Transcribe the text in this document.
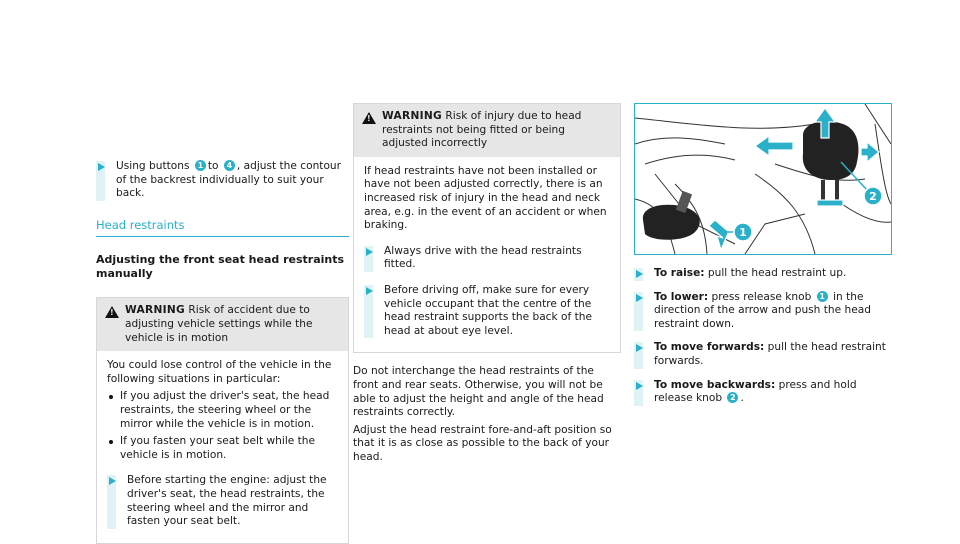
Using buttons 1 to 4 , adjust the contour of the backrest individually to suit your back.
Head restraints
Adjusting the front seat head restraints manually
!
WARNING Risk of accident due to adjusting vehicle settings while the vehicle is in motion
You could lose control of the vehicle in the following situations in particular:
If you adjust the driver's seat, the head restraints, the steering wheel or the mirror while the vehicle is in motion.
If you fasten your seat belt while the vehicle is in motion.
Before starting the engine: adjust the driver's seat, the head restraints, the steering wheel and the mirror and fasten your seat belt.
!
WARNING Risk of injury due to head restraints not being fitted or being adjusted incorrectly
If head restraints have not been installed or have not been adjusted correctly, there is an increased risk of injury in the head and neck area, e.g. in the event of an accident or when braking.
Always drive with the head restraints fitted.
Before driving off, make sure for every vehicle occupant that the centre of the head restraint supports the back of the head at about eye level.

Do not interchange the head restraints of the front and rear seats. Otherwise, you will not be able to adjust the height and angle of the head restraints correctly.

Adjust the head restraint fore-and-aft position so that it is as close as possible to the back of your head.

2
1
To raise: pull the head restraint up.
To lower: press release knob 1 in the direction of the arrow and push the head restraint down.
To move forwards: pull the head restraint forwards.
To move backwards: press and hold release knob 2 .
